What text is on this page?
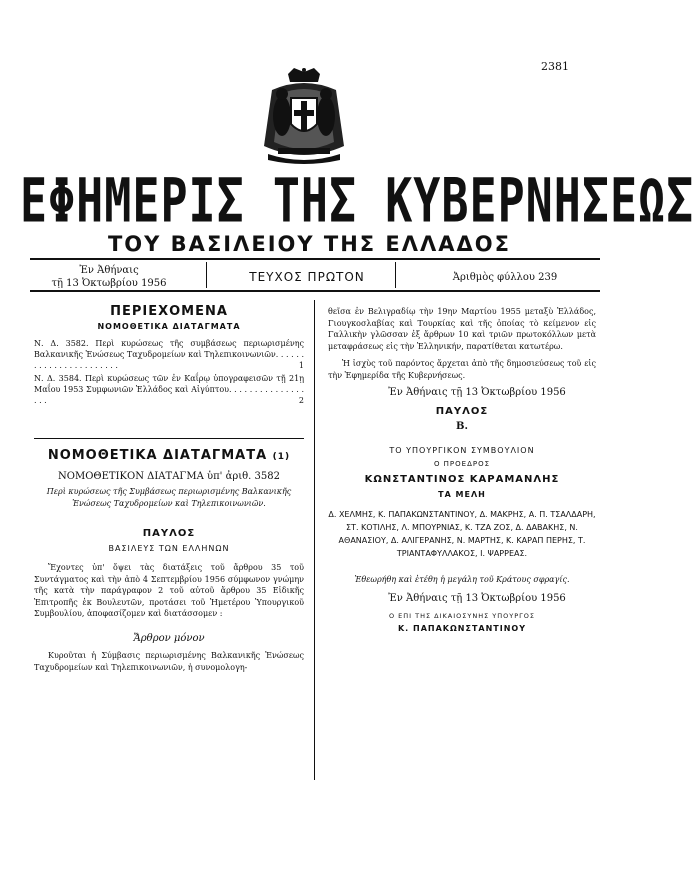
2381
ΕΦΗΜΕΡΙΣ ΤΗΣ ΚΥΒΕΡΝΗΣΕΩΣ
ΤΟΥ ΒΑΣΙΛΕΙΟΥ ΤΗΣ ΕΛΛΑΔΟΣ
Ἐν Ἀθήναις
τῇ 13 Ὀκτωβρίου 1956	ΤΕΥΧΟΣ ΠΡΩΤΟΝ	Ἀριθμὸς φύλλου 239
ΠΕΡΙΕΧΟΜΕΝΑ
ΝΟΜΟΘΕΤΙΚΑ ΔΙΑΤΑΓΜΑΤΑ
Ν. Δ. 3582. Περὶ κυρώσεως τῆς συμβάσεως περιωρισμένης Βαλκανικῆς Ἑνώσεως Ταχυδρομείων καὶ Τηλεπικοινωνιῶν. . . . . . . . . . . . . . . . . . . . . . .	1
Ν. Δ. 3584. Περὶ κυρώσεως τῶν ἐν Καΐρῳ ὑπογραφεισῶν τῇ 21ῃ Μαΐου 1953 Συμφωνιῶν Ἑλλάδος καὶ Αἰγύπτου. . . . . . . . . . . . . . . . . .	2
ΝΟΜΟΘΕΤΙΚΑ ΔΙΑΤΑΓΜΑΤΑ (1)
ΝΟΜΟΘΕΤΙΚΟΝ ΔΙΑΤΑΓΜΑ ὑπ' ἀριθ. 3582
Περὶ κυρώσεως τῆς Συμβάσεως περιωρισμένης Βαλκανικῆς Ἑνώσεως Ταχυδρομείων καὶ Τηλεπικοινωνιῶν.
ΠΑΥΛΟΣ
ΒΑΣΙΛΕΥΣ ΤΩΝ ΕΛΛΗΝΩΝ
Ἔχοντες ὑπ' ὄψει τὰς διατάξεις τοῦ ἄρθρου 35 τοῦ Συντάγματος καὶ τὴν ἀπὸ 4 Σεπτεμβρίου 1956 σύμφωνον γνώμην τῆς κατὰ τὴν παράγραφον 2 τοῦ αὐτοῦ ἄρθρου 35 Εἰδικῆς Ἐπιτροπῆς ἐκ Βουλευτῶν, προτάσει τοῦ Ἡμετέρου Ὑπουργικοῦ Συμβουλίου, ἀποφασίζομεν καὶ διατάσσομεν :
Ἄρθρον μόνον
Κυροῦται ἡ Σύμβασις περιωρισμένης Βαλκανικῆς Ἑνώσεως Ταχυδρομείων καὶ Τηλεπικοινωνιῶν, ἡ συνομολογη-
θεῖσα ἐν Βελιγραδίῳ τὴν 19ην Μαρτίου 1955 μεταξὺ Ἑλλάδος, Γιουγκοσλαβίας καὶ Τουρκίας καὶ τῆς ὁποίας τὸ κείμενον εἰς Γαλλικὴν γλῶσσαν ἐξ ἄρθρων 10 καὶ τριῶν πρωτοκόλλων μετὰ μεταφράσεως εἰς τὴν Ἑλληνικήν, παρατίθεται κατωτέρω.
Ἡ ἰσχὺς τοῦ παρόντος ἄρχεται ἀπὸ τῆς δημοσιεύσεως τοῦ εἰς τὴν Ἐφημερίδα τῆς Κυβερνήσεως.
Ἐν Ἀθήναις τῇ 13 Ὀκτωβρίου 1956
ΠΑΥΛΟΣ
Β.
ΤΟ ΥΠΟΥΡΓΙΚΟΝ ΣΥΜΒΟΥΛΙΟΝ
Ο ΠΡΟΕΔΡΟΣ
ΚΩΝΣΤΑΝΤΙΝΟΣ ΚΑΡΑΜΑΝΛΗΣ
ΤΑ ΜΕΛΗ
Δ. ΧΕΛΜΗΣ, Κ. ΠΑΠΑΚΩΝΣΤΑΝΤΙΝΟΥ, Δ. ΜΑΚΡΗΣ, Α. Π. ΤΣΑΛΔΑΡΗ, ΣΤ. ΚΟΤΙΛΗΣ, Λ. ΜΠΟΥΡΝΙΑΣ, Κ. ΤΖΑ ΖΟΣ, Δ. ΔΑΒΑΚΗΣ, Ν. ΑΘΑΝΑΣΙΟΥ, Δ. ΑΛΙΓΕΡΑΝΗΣ, Ν. ΜΑΡΤΗΣ, Κ. ΚΑΡΑΠ ΠΕΡΗΣ, Τ. ΤΡΙΑΝΤΑΦΥΛΛΑΚΟΣ, Ι. ΨΑΡΡΕΑΣ.
Ἐθεωρήθη καὶ ἐτέθη ἡ μεγάλη τοῦ Κράτους σφραγίς.
Ἐν Ἀθήναις τῇ 13 Ὀκτωβρίου 1956
Ο ΕΠΙ ΤΗΣ ΔΙΚΑΙΟΣΥΝΗΣ ΥΠΟΥΡΓΟΣ
Κ. ΠΑΠΑΚΩΝΣΤΑΝΤΙΝΟΥ
